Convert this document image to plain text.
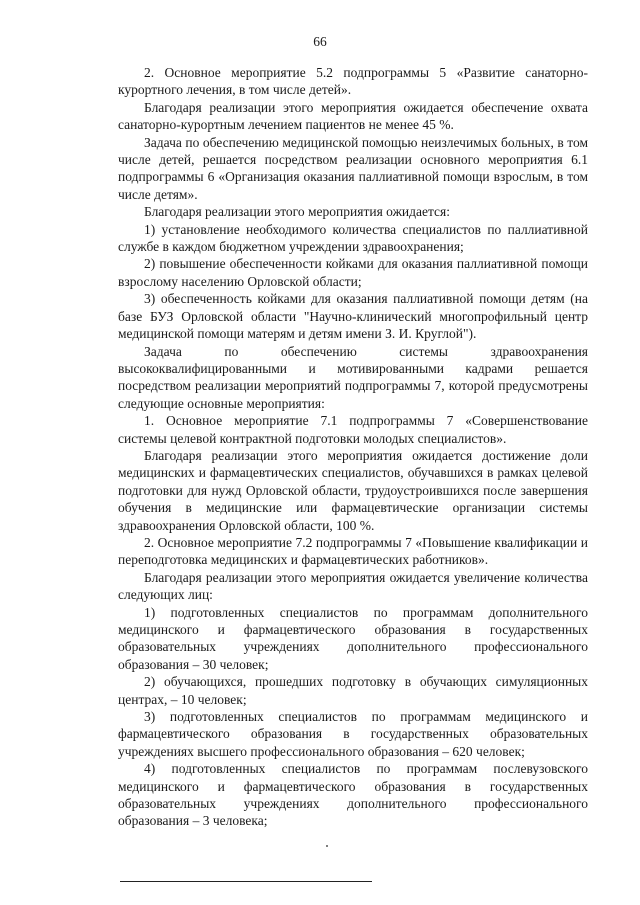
66

2. Основное мероприятие 5.2 подпрограммы 5 «Развитие санаторно-курортного лечения, в том числе детей».

Благодаря реализации этого мероприятия ожидается обеспечение охвата санаторно-курортным лечением пациентов не менее 45 %.

Задача по обеспечению медицинской помощью неизлечимых больных, в том числе детей, решается посредством реализации основного мероприятия 6.1 подпрограммы 6 «Организация оказания паллиативной помощи взрослым, в том числе детям».

Благодаря реализации этого мероприятия ожидается:

1) установление необходимого количества специалистов по паллиативной службе в каждом бюджетном учреждении здравоохранения;

2) повышение обеспеченности койками для оказания паллиативной помощи взрослому населению Орловской области;

3) обеспеченность койками для оказания паллиативной помощи детям (на базе БУЗ Орловской области "Научно-клинический многопрофильный центр медицинской помощи матерям и детям имени З. И. Круглой").

Задача по обеспечению системы здравоохранения высококвалифицированными и мотивированными кадрами решается посредством реализации мероприятий подпрограммы 7, которой предусмотрены следующие основные мероприятия:

1. Основное мероприятие 7.1 подпрограммы 7 «Совершенствование системы целевой контрактной подготовки молодых специалистов».

Благодаря реализации этого мероприятия ожидается достижение доли медицинских и фармацевтических специалистов, обучавшихся в рамках целевой подготовки для нужд Орловской области, трудоустроившихся после завершения обучения в медицинские или фармацевтические организации системы здравоохранения Орловской области, 100 %.

2. Основное мероприятие 7.2 подпрограммы 7 «Повышение квалификации и переподготовка медицинских и фармацевтических работников».

Благодаря реализации этого мероприятия ожидается увеличение количества следующих лиц:

1) подготовленных специалистов по программам дополнительного медицинского и фармацевтического образования в государственных образовательных учреждениях дополнительного профессионального образования – 30 человек;

2) обучающихся, прошедших подготовку в обучающих симуляционных центрах, – 10 человек;

3) подготовленных специалистов по программам медицинского и фармацевтического образования в государственных образовательных учреждениях высшего профессионального образования – 620 человек;

4) подготовленных специалистов по программам послевузовского медицинского и фармацевтического образования в государственных образовательных учреждениях дополнительного профессионального образования – 3 человека;
